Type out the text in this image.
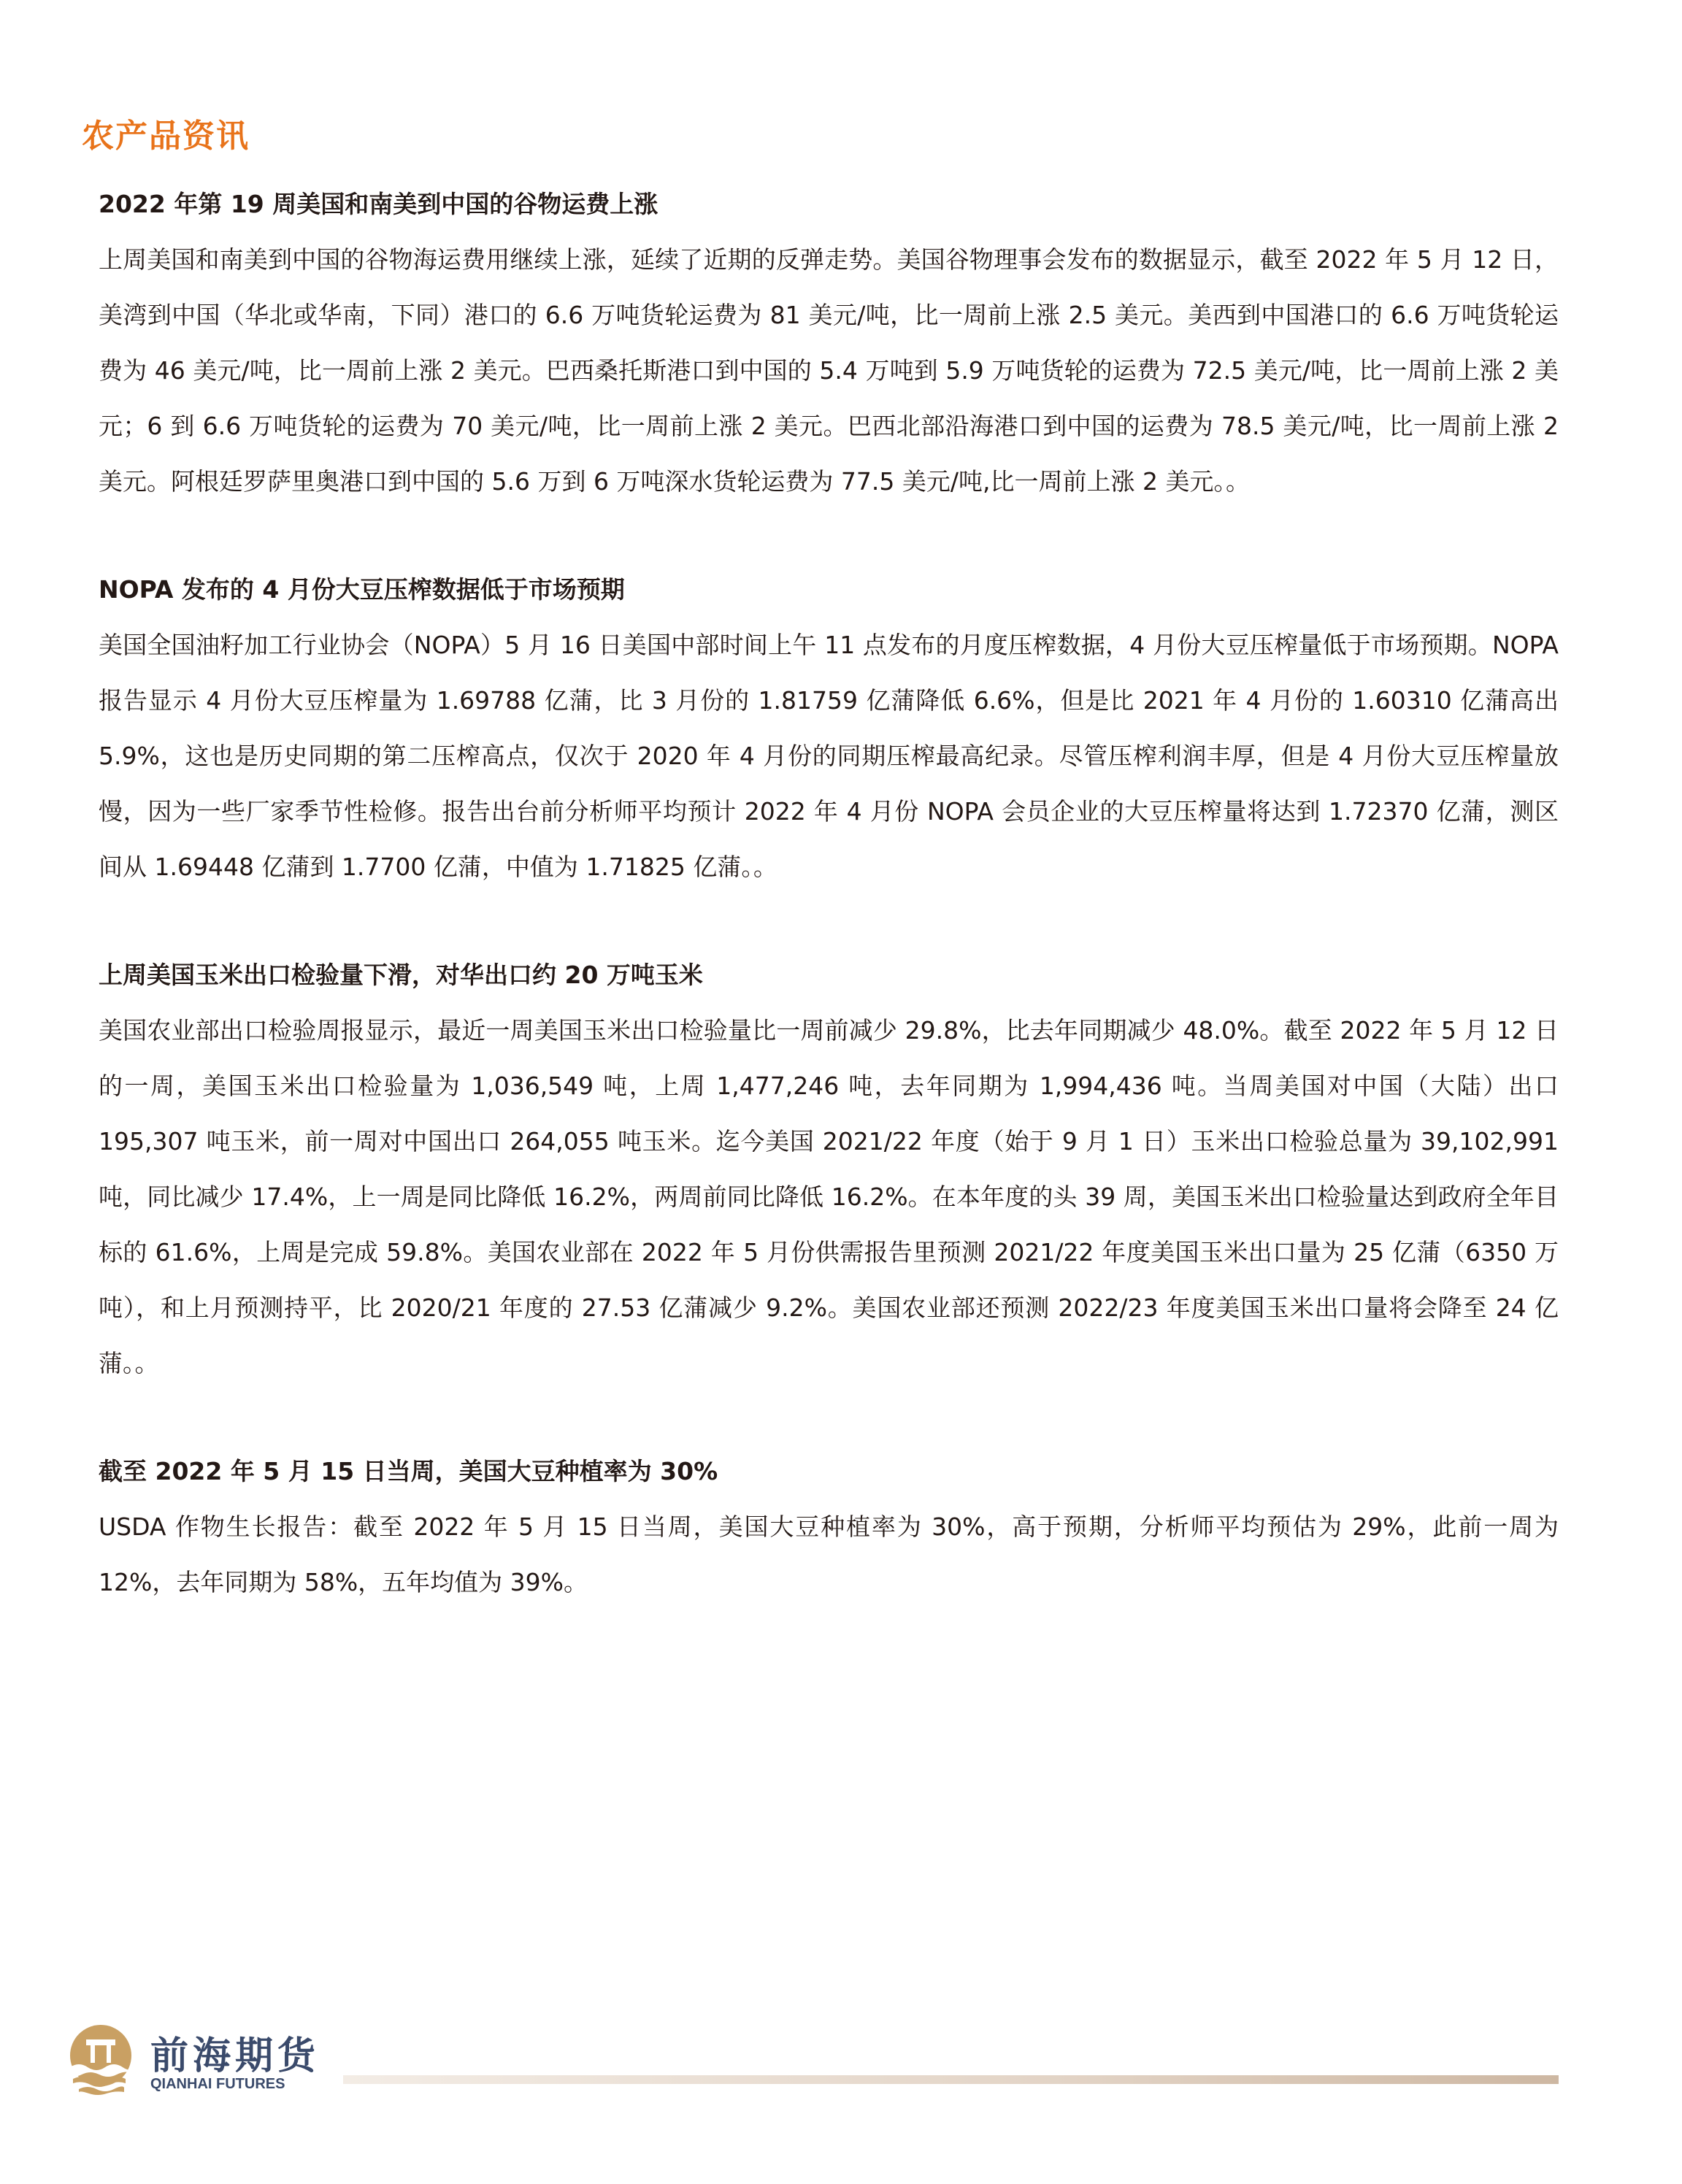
农产品资讯

2022 年第 19 周美国和南美到中国的谷物运费上涨

上周美国和南美到中国的谷物海运费用继续上涨，延续了近期的反弹走势。美国谷物理事会发布的数据显示，截至 2022 年 5 月 12 日，美湾到中国（华北或华南，下同）港口的 6.6 万吨货轮运费为 81 美元/吨，比一周前上涨 2.5 美元。美西到中国港口的 6.6 万吨货轮运费为 46 美元/吨，比一周前上涨 2 美元。巴西桑托斯港口到中国的 5.4 万吨到 5.9 万吨货轮的运费为 72.5 美元/吨，比一周前上涨 2 美元；6 到 6.6 万吨货轮的运费为 70 美元/吨，比一周前上涨 2 美元。巴西北部沿海港口到中国的运费为 78.5 美元/吨，比一周前上涨 2 美元。阿根廷罗萨里奥港口到中国的 5.6 万到 6 万吨深水货轮运费为 77.5 美元/吨,比一周前上涨 2 美元。。

NOPA 发布的 4 月份大豆压榨数据低于市场预期

美国全国油籽加工行业协会（NOPA）5 月 16 日美国中部时间上午 11 点发布的月度压榨数据，4 月份大豆压榨量低于市场预期。NOPA 报告显示 4 月份大豆压榨量为 1.69788 亿蒲，比 3 月份的 1.81759 亿蒲降低 6.6%，但是比 2021 年 4 月份的 1.60310 亿蒲高出 5.9%，这也是历史同期的第二压榨高点，仅次于 2020 年 4 月份的同期压榨最高纪录。尽管压榨利润丰厚，但是 4 月份大豆压榨量放慢，因为一些厂家季节性检修。报告出台前分析师平均预计 2022 年 4 月份 NOPA 会员企业的大豆压榨量将达到 1.72370 亿蒲，测区间从 1.69448 亿蒲到 1.7700 亿蒲，中值为 1.71825 亿蒲。。

上周美国玉米出口检验量下滑，对华出口约 20 万吨玉米

美国农业部出口检验周报显示，最近一周美国玉米出口检验量比一周前减少 29.8%，比去年同期减少 48.0%。截至 2022 年 5 月 12 日的一周，美国玉米出口检验量为 1,036,549 吨，上周 1,477,246 吨，去年同期为 1,994,436 吨。当周美国对中国（大陆）出口 195,307 吨玉米，前一周对中国出口 264,055 吨玉米。迄今美国 2021/22 年度（始于 9 月 1 日）玉米出口检验总量为 39,102,991 吨，同比减少 17.4%，上一周是同比降低 16.2%，两周前同比降低 16.2%。在本年度的头 39 周，美国玉米出口检验量达到政府全年目标的 61.6%，上周是完成 59.8%。美国农业部在 2022 年 5 月份供需报告里预测 2021/22 年度美国玉米出口量为 25 亿蒲（6350 万吨），和上月预测持平，比 2020/21 年度的 27.53 亿蒲减少 9.2%。美国农业部还预测 2022/23 年度美国玉米出口量将会降至 24 亿蒲。。

截至 2022 年 5 月 15 日当周，美国大豆种植率为 30%

USDA 作物生长报告：截至 2022 年 5 月 15 日当周，美国大豆种植率为 30%，高于预期，分析师平均预估为 29%，此前一周为 12%，去年同期为 58%，五年均值为 39%。

前海期货
QIANHAI FUTURES
